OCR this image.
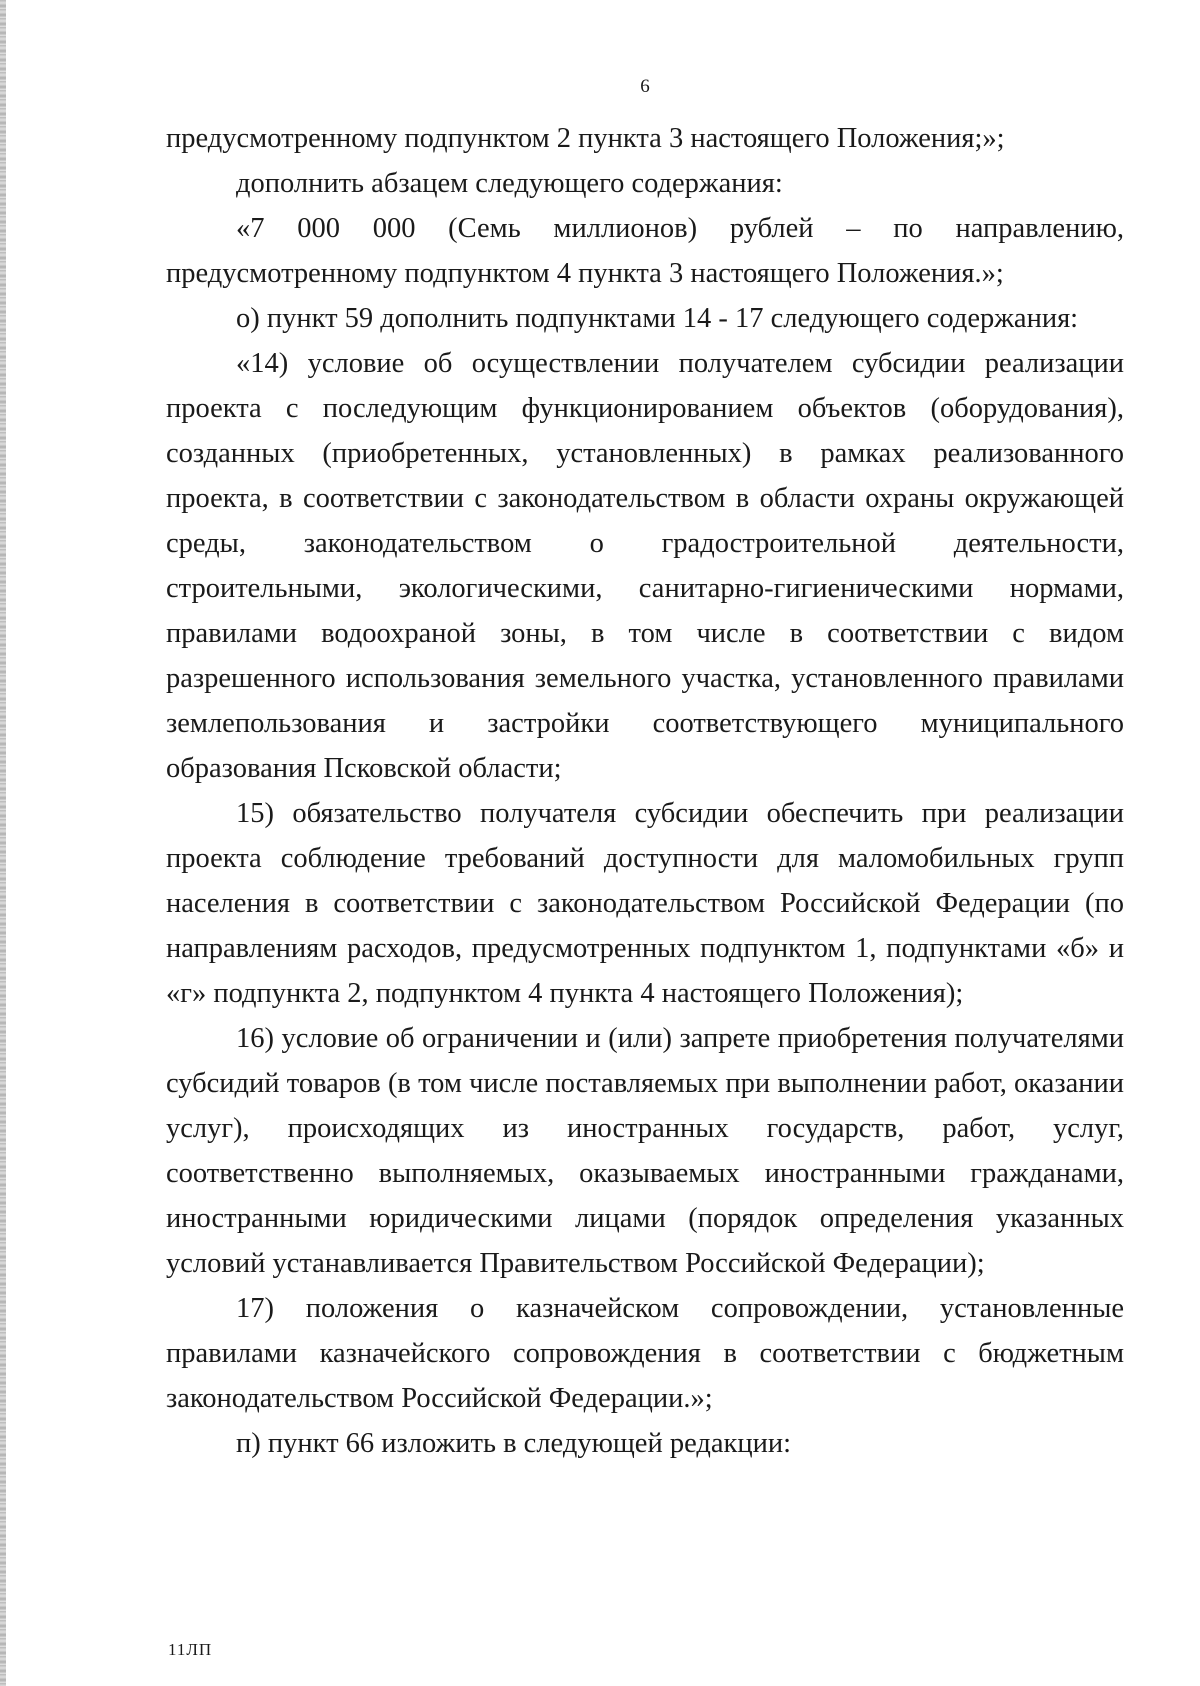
6

предусмотренному подпунктом 2 пункта 3 настоящего Положения;»;

дополнить абзацем следующего содержания:

«7 000 000 (Семь миллионов) рублей – по направлению, предусмотренному подпунктом 4 пункта 3 настоящего Положения.»;

о) пункт 59 дополнить подпунктами 14 - 17 следующего содержания:

«14) условие об осуществлении получателем субсидии реализации проекта с последующим функционированием объектов (оборудования), созданных (приобретенных, установленных) в рамках реализованного проекта, в соответствии с законодательством в области охраны окружающей среды, законодательством о градостроительной деятельности, строительными, экологическими, санитарно-гигиеническими нормами, правилами водоохраной зоны, в том числе в соответствии с видом разрешенного использования земельного участка, установленного правилами землепользования и застройки соответствующего муниципального образования Псковской области;

15) обязательство получателя субсидии обеспечить при реализации проекта соблюдение требований доступности для маломобильных групп населения в соответствии с законодательством Российской Федерации (по направлениям расходов, предусмотренных подпунктом 1, подпунктами «б» и «г» подпункта 2, подпунктом 4 пункта 4 настоящего Положения);

16) условие об ограничении и (или) запрете приобретения получателями субсидий товаров (в том числе поставляемых при выполнении работ, оказании услуг), происходящих из иностранных государств, работ, услуг, соответственно выполняемых, оказываемых иностранными гражданами, иностранными юридическими лицами (порядок определения указанных условий устанавливается Правительством Российской Федерации);

17) положения о казначейском сопровождении, установленные правилами казначейского сопровождения в соответствии с бюджетным законодательством Российской Федерации.»;

п) пункт 66 изложить в следующей редакции:

11ЛП
